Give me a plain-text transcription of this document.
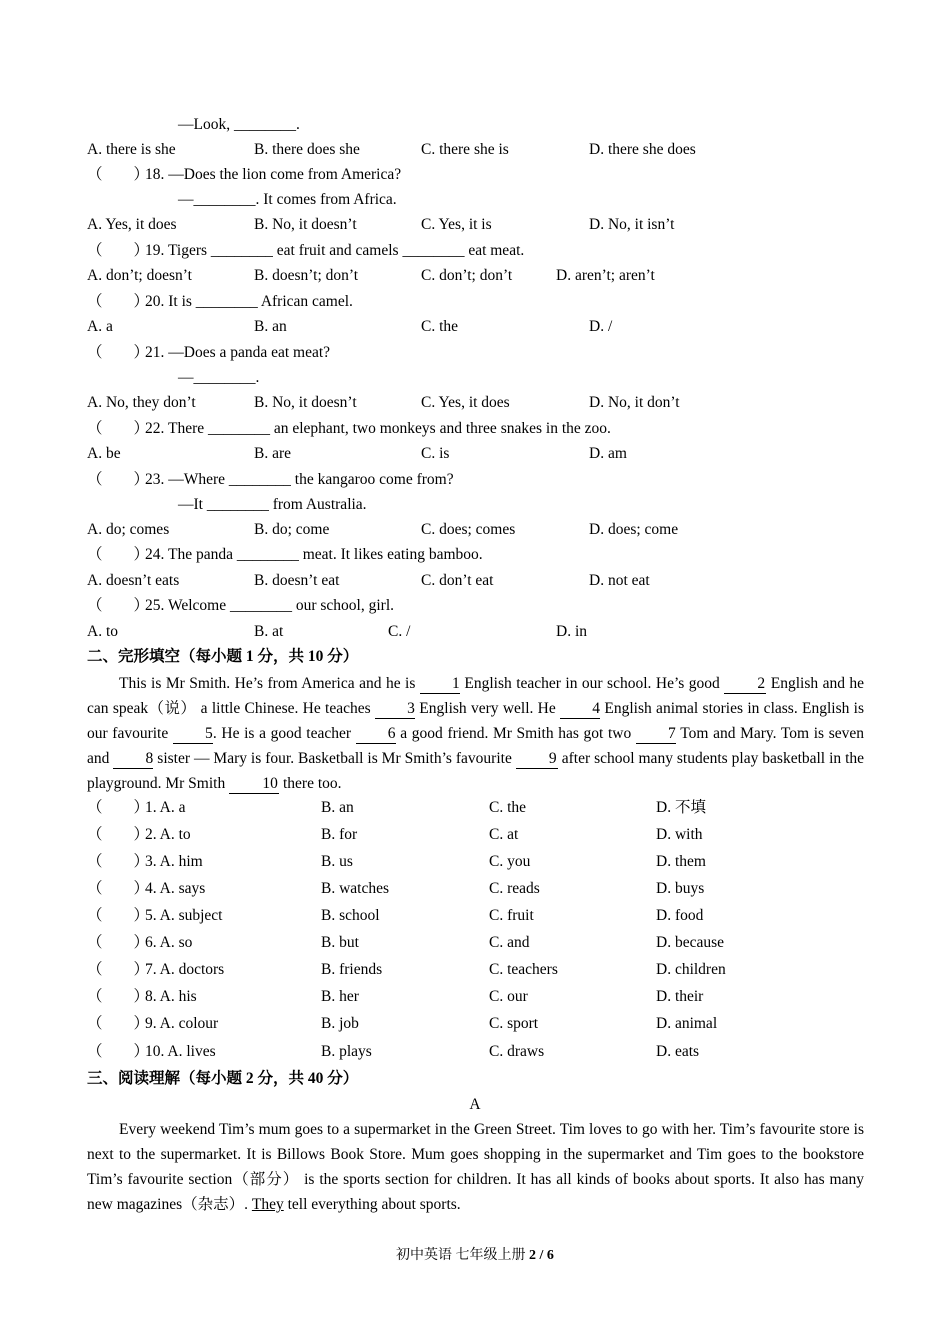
—Look, ________.
A. there is she	B. there does she	C. there she is	D. there she does
（　　）18. —Does the lion come from America?
—________. It comes from Africa.
A. Yes, it does	B. No, it doesn’t	C. Yes, it is	D. No, it isn’t
（　　）19. Tigers ________ eat fruit and camels ________ eat meat.
A. don’t; doesn’t	B. doesn’t; don’t	C. don’t; don’t	D. aren’t; aren’t
（　　）20. It is ________ African camel.
A. a	B. an	C. the	D. /
（　　）21. —Does a panda eat meat?
—________.
A. No, they don’t	B. No, it doesn’t	C. Yes, it does	D. No, it don’t
（　　）22. There ________ an elephant, two monkeys and three snakes in the zoo.
A. be	B. are	C. is	D. am
（　　）23. —Where ________ the kangaroo come from?
—It ________ from Australia.
A. do; comes	B. do; come	C. does; comes	D. does; come
（　　）24. The panda ________ meat. It likes eating bamboo.
A. doesn’t eats	B. doesn’t eat	C. don’t eat	D. not eat
（　　）25. Welcome ________ our school, girl.
A. to	B. at	C. /	D. in
二、完形填空（每小题 1 分，共 10 分）

This is Mr Smith. He’s from America and he is 1 English teacher in our school. He’s good 2 English and he can speak（说） a little Chinese. He teaches 3 English very well. He 4 English animal stories in class. English is our favourite 5. He is a good teacher 6 a good friend. Mr Smith has got two 7 Tom and Mary. Tom is seven and 8 sister — Mary is four. Basketball is Mr Smith’s favourite 9 after school many students play basketball in the playground. Mr Smith 10 there too.

（　　）1. A. a	B. an	C. the	D. 不填
（　　）2. A. to	B. for	C. at	D. with
（　　）3. A. him	B. us	C. you	D. them
（　　）4. A. says	B. watches	C. reads	D. buys
（　　）5. A. subject	B. school	C. fruit	D. food
（　　）6. A. so	B. but	C. and	D. because
（　　）7. A. doctors	B. friends	C. teachers	D. children
（　　）8. A. his	B. her	C. our	D. their
（　　）9. A. colour	B. job	C. sport	D. animal
（　　）10. A. lives	B. plays	C. draws	D. eats
三、阅读理解（每小题 2 分，共 40 分）
A

Every weekend Tim’s mum goes to a supermarket in the Green Street. Tim loves to go with her. Tim’s favourite store is next to the supermarket. It is Billows Book Store. Mum goes shopping in the supermarket and Tim goes to the bookstore Tim’s favourite section（部分） is the sports section for children. It has all kinds of books about sports. It also has many new magazines（杂志）. They tell everything about sports.

初中英语 七年级上册 2 / 6
